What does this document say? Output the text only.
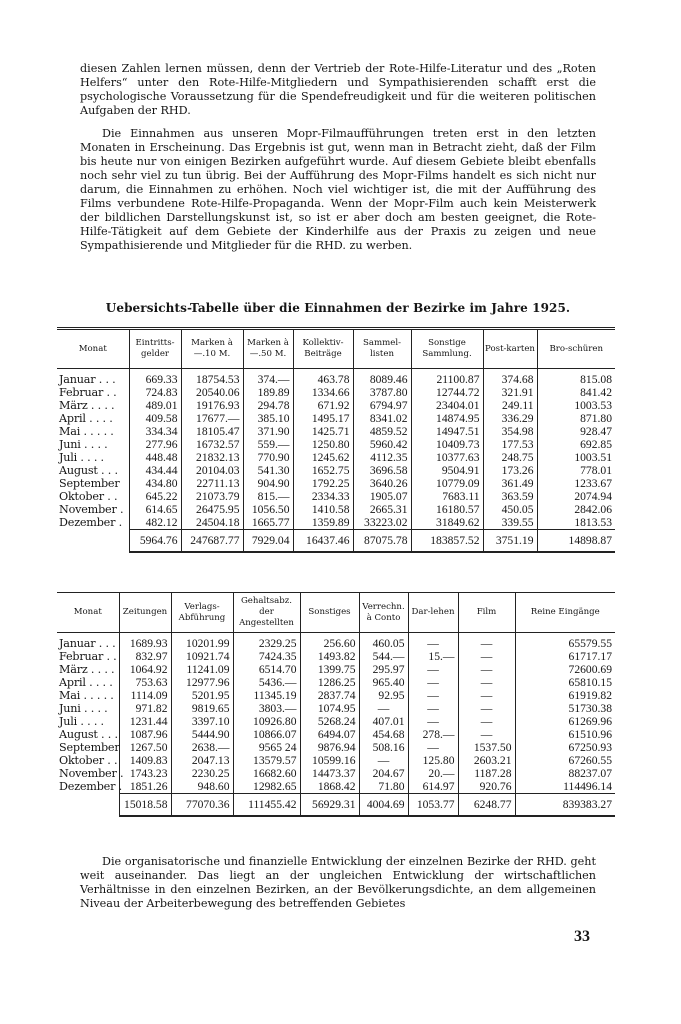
diesen Zahlen lernen müssen, denn der Vertrieb der Rote-Hilfe-Literatur und des „Roten Helfers“ unter den Rote-Hilfe-Mitgliedern und Sympathisierenden schafft erst die psychologische Voraussetzung für die Spendefreudigkeit und für die weiteren politischen Aufgaben der RHD.
Die Einnahmen aus unseren Mopr-Filmaufführungen treten erst in den letzten Monaten in Erscheinung. Das Ergebnis ist gut, wenn man in Betracht zieht, daß der Film bis heute nur von einigen Bezirken aufgeführt wurde. Auf diesem Gebiete bleibt ebenfalls noch sehr viel zu tun übrig. Bei der Aufführung des Mopr-Films handelt es sich nicht nur darum, die Einnahmen zu erhöhen. Noch viel wichtiger ist, die mit der Aufführung des Films verbundene Rote-Hilfe-Propaganda. Wenn der Mopr-Film auch kein Meisterwerk der bildlichen Darstellungskunst ist, so ist er aber doch am besten geeignet, die Rote-Hilfe-Tätigkeit auf dem Gebiete der Kinderhilfe aus der Praxis zu zeigen und neue Sympathisierende und Mitglieder für die RHD. zu werben.
Uebersichts-Tabelle über die Einnahmen der Bezirke im Jahre 1925.
Monat	Eintritts-gelder	Marken à —.10 M.	Marken à —.50 M.	Kollektiv-Beiträge	Sammel-listen	Sonstige Sammlung.	Post-karten	Bro-schüren
Januar . . .	669.33	18754.53	374.—	463.78	8089.46	21100.87	374.68	815.08
Februar . .	724.83	20540.06	189.89	1334.66	3787.80	12744.72	321.91	841.42
März . . . .	489.01	19176.93	294.78	671.92	6794.97	23404.01	249.11	1003.53
April . . . .	409.58	17677.—	385.10	1495.17	8341.02	14874.95	336.29	871.80
Mai . . . . .	334.34	18105.47	371.90	1425.71	4859.52	14947.51	354.98	928.47
Juni . . . .	277.96	16732.57	559.—	1250.80	5960.42	10409.73	177.53	692.85
Juli . . . .	448.48	21832.13	770.90	1245.62	4112.35	10377.63	248.75	1003.51
August . . .	434.44	20104.03	541.30	1652.75	3696.58	9504.91	173.26	778.01
September	434.80	22711.13	904.90	1792.25	3640.26	10779.09	361.49	1233.67
Oktober . .	645.22	21073.79	815.—	2334.33	1905.07	7683.11	363.59	2074.94
November .	614.65	26475.95	1056.50	1410.58	2665.31	16180.57	450.05	2842.06
Dezember .	482.12	24504.18	1665.77	1359.89	33223.02	31849.62	339.55	1813.53
	5964.76	247687.77	7929.04	16437.46	87075.78	183857.52	3751.19	14898.87
Monat	Zeitungen	Verlags-Abführung	Gehaltsabz. der Angestellten	Sonstiges	Verrechn. à Conto	Dar-lehen	Film	Reine Eingänge
Januar . . .	1689.93	10201.99	2329.25	256.60	460.05	—	—	65579.55
Februar . .	832.97	10921.74	7424.35	1493.82	544.—	15.—	—	61717.17
März . . . .	1064.92	11241.09	6514.70	1399.75	295.97	—	—	72600.69
April . . . .	753.63	12977.96	5436.—	1286.25	965.40	—	—	65810.15
Mai . . . . .	1114.09	5201.95	11345.19	2837.74	92.95	—	—	61919.82
Juni . . . .	971.82	9819.65	3803.—	1074.95	—	—	—	51730.38
Juli . . . .	1231.44	3397.10	10926.80	5268.24	407.01	—	—	61269.96
August . . .	1087.96	5444.90	10866.07	6494.07	454.68	278.—	—	61510.96
September	1267.50	2638.—	9565 24	9876.94	508.16	—	1537.50	67250.93
Oktober . .	1409.83	2047.13	13579.57	10599.16	—	125.80	2603.21	67260.55
November .	1743.23	2230.25	16682.60	14473.37	204.67	20.—	1187.28	88237.07
Dezember .	1851.26	948.60	12982.65	1868.42	71.80	614.97	920.76	114496.14
	15018.58	77070.36	111455.42	56929.31	4004.69	1053.77	6248.77	839383.27
Die organisatorische und finanzielle Entwicklung der einzelnen Bezirke der RHD. geht weit auseinander. Das liegt an der ungleichen Entwicklung der wirtschaftlichen Verhältnisse in den einzelnen Bezirken, an der Bevölkerungsdichte, an dem allgemeinen Niveau der Arbeiterbewegung des betreffenden Gebietes
33
